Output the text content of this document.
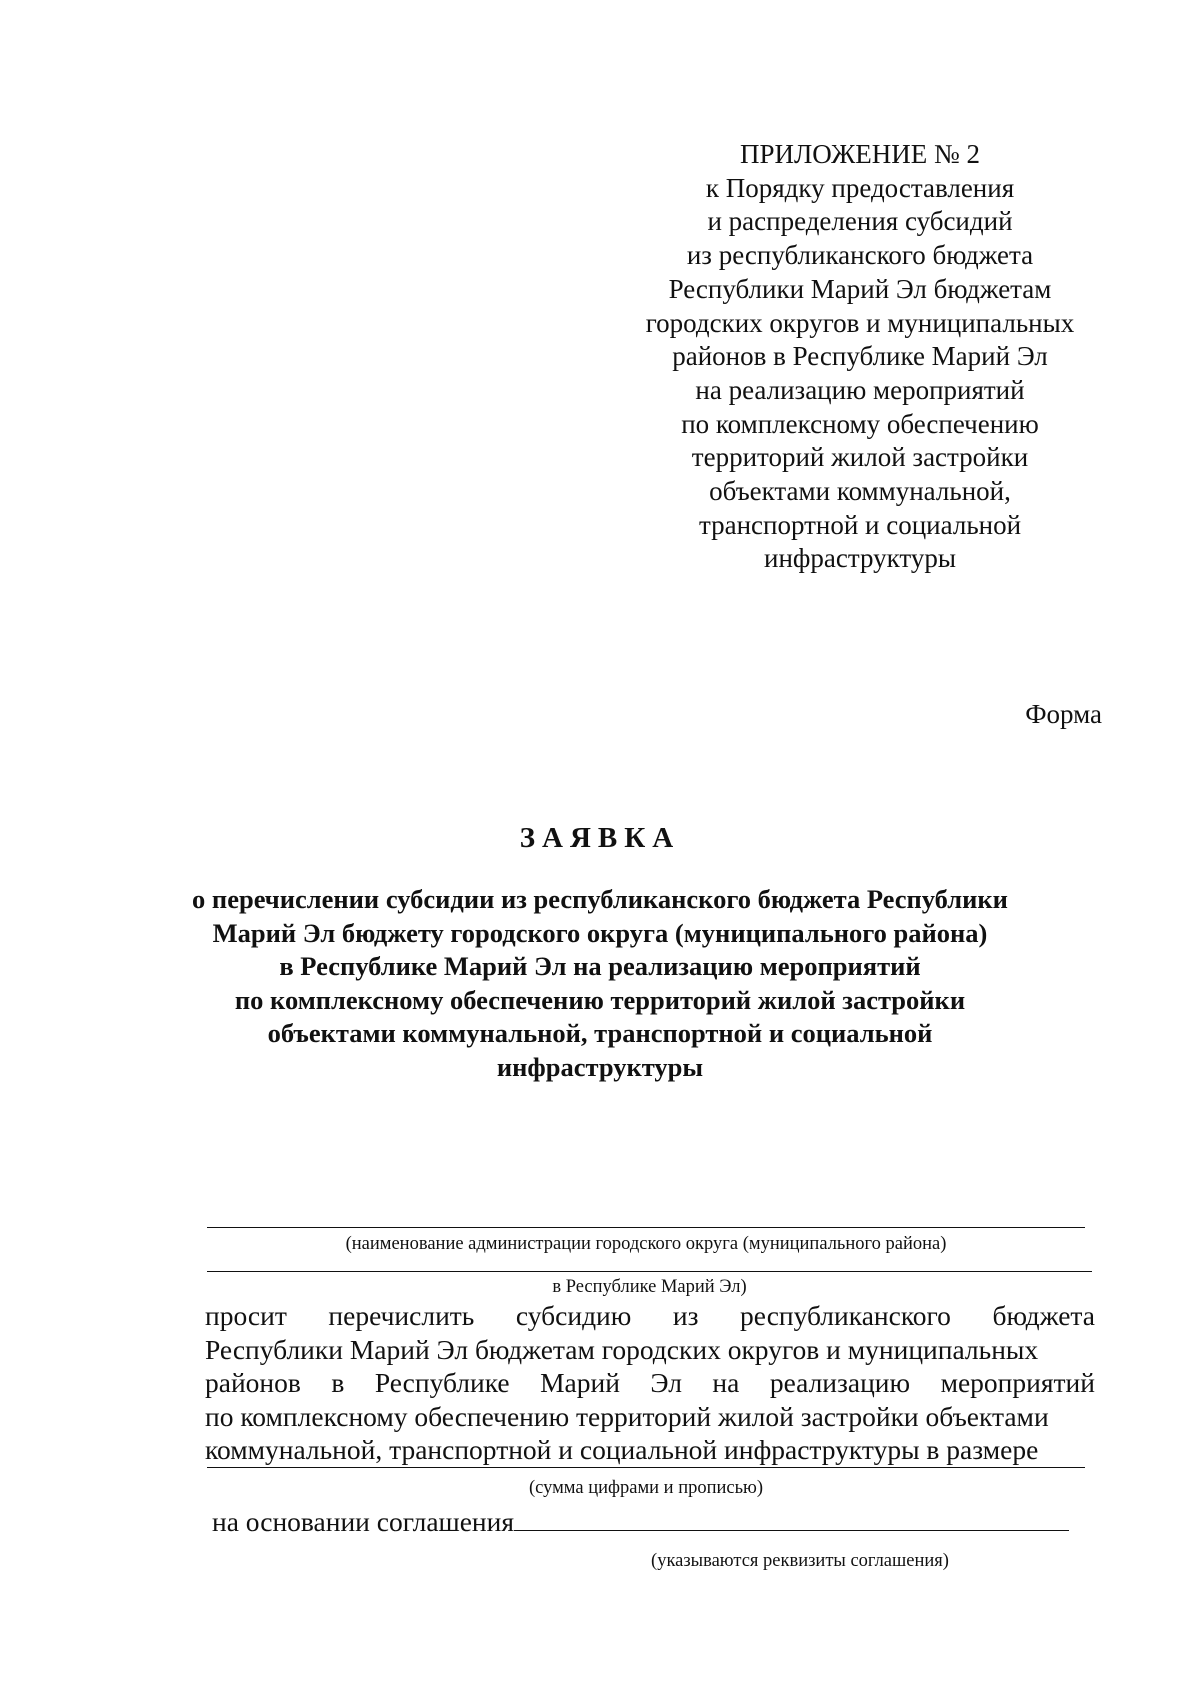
ПРИЛОЖЕНИЕ № 2
к Порядку предоставления
и распределения субсидий
из республиканского бюджета
Республики Марий Эл бюджетам
городских округов и муниципальных
районов в Республике Марий Эл
на реализацию мероприятий
по комплексному обеспечению
территорий жилой застройки
объектами коммунальной,
транспортной и социальной
инфраструктуры
Форма
ЗАЯВКА
о перечислении субсидии из республиканского бюджета Республики
Марий Эл бюджету городского округа (муниципального района)
в Республике Марий Эл на реализацию мероприятий
по комплексному обеспечению территорий жилой застройки
объектами коммунальной, транспортной и социальной
инфраструктуры
(наименование администрации городского округа (муниципального района)
в Республике Марий Эл)
просит перечислить субсидию из республиканского бюджета
Республики Марий Эл бюджетам городских округов и муниципальных
районов в Республике Марий Эл на реализацию мероприятий
по комплексному обеспечению территорий жилой застройки объектами
коммунальной, транспортной и социальной инфраструктуры в размере
(сумма цифрами и прописью)
на основании соглашения
(указываются реквизиты соглашения)
